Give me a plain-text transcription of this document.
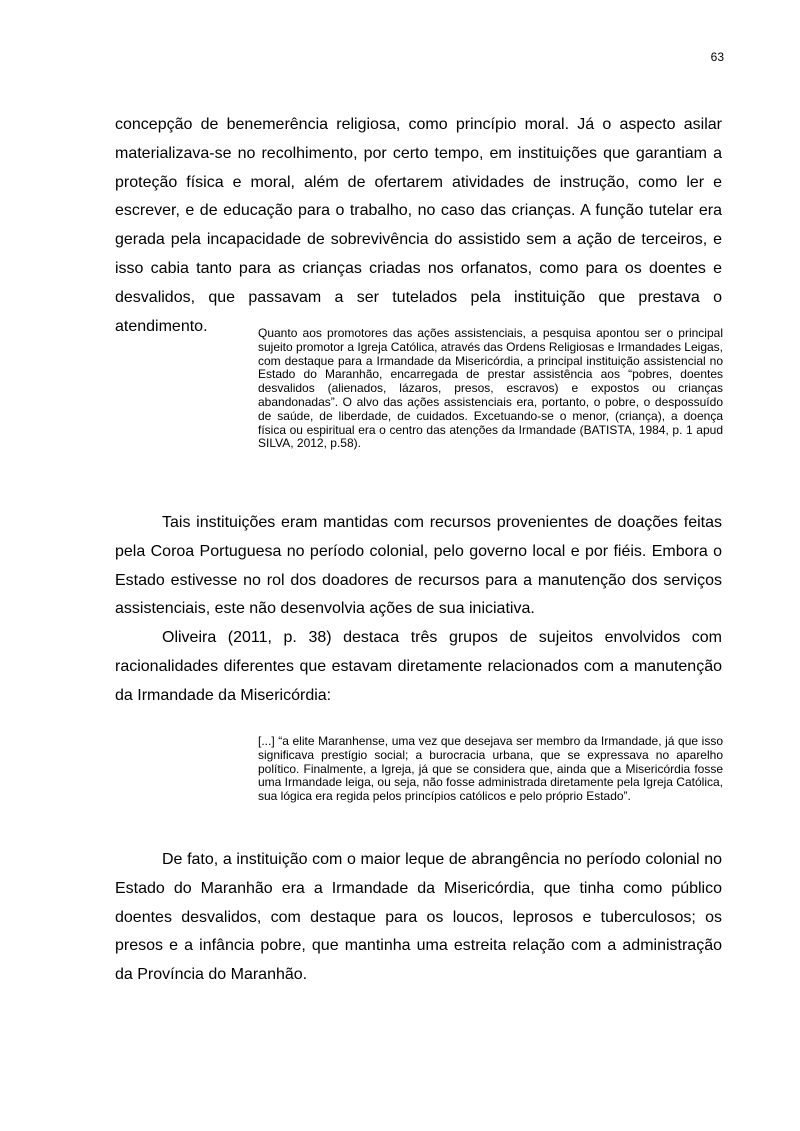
63

concepção de benemerência religiosa, como princípio moral. Já o aspecto asilar materializava-se no recolhimento, por certo tempo, em instituições que garantiam a proteção física e moral, além de ofertarem atividades de instrução, como ler e escrever, e de educação para o trabalho, no caso das crianças. A função tutelar era gerada pela incapacidade de sobrevivência do assistido sem a ação de terceiros, e isso cabia tanto para as crianças criadas nos orfanatos, como para os doentes e desvalidos, que passavam a ser tutelados pela instituição que prestava o atendimento.	Quanto aos promotores das ações assistenciais, a pesquisa apontou ser o principal sujeito promotor a Igreja Católica, através das Ordens Religiosas e Irmandades Leigas, com destaque para a Irmandade da Misericórdia, a principal instituição assistencial no Estado do Maranhão, encarregada de prestar assistência aos “pobres, doentes desvalidos (alienados, lázaros, presos, escravos) e expostos ou crianças abandonadas”. O alvo das ações assistenciais era, portanto, o pobre, o despossuído de saúde, de liberdade, de cuidados. Excetuando-se o menor, (criança), a doença física ou espiritual era o centro das atenções da Irmandade (BATISTA, 1984, p. 1 apud SILVA, 2012, p.58).

Tais instituições eram mantidas com recursos provenientes de doações feitas pela Coroa Portuguesa no período colonial, pelo governo local e por fiéis. Embora o Estado estivesse no rol dos doadores de recursos para a manutenção dos serviços assistenciais, este não desenvolvia ações de sua iniciativa.

Oliveira (2011, p. 38) destaca três grupos de sujeitos envolvidos com racionalidades diferentes que estavam diretamente relacionados com a manutenção da Irmandade da Misericórdia:

[...] “a elite Maranhense, uma vez que desejava ser membro da Irmandade, já que isso significava prestígio social; a burocracia urbana, que se expressava no aparelho político. Finalmente, a Igreja, já que se considera que, ainda que a Misericórdia fosse uma Irmandade leiga, ou seja, não fosse administrada diretamente pela Igreja Católica, sua lógica era regida pelos princípios católicos e pelo próprio Estado”.

De fato, a instituição com o maior leque de abrangência no período colonial no Estado do Maranhão era a Irmandade da Misericórdia, que tinha como público doentes desvalidos, com destaque para os loucos, leprosos e tuberculosos; os presos e a infância pobre, que mantinha uma estreita relação com a administração da Província do Maranhão.
